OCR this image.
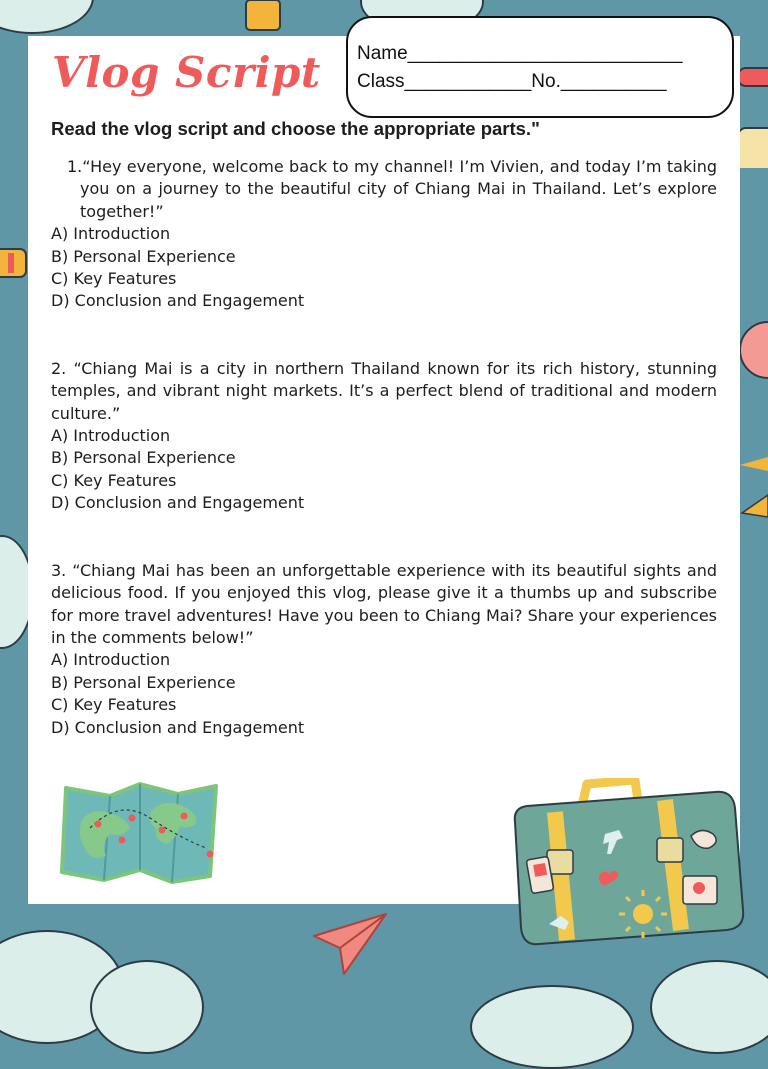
Vlog Script Name__________________________
Class____________No.__________

Read the vlog script and choose the appropriate parts."

1.“Hey everyone, welcome back to my channel! I’m Vivien, and today I’m taking you on a journey to the beautiful city of Chiang Mai in Thailand. Let’s explore together!”

A) Introduction

B) Personal Experience

C) Key Features

D) Conclusion and Engagement

2. “Chiang Mai is a city in northern Thailand known for its rich history, stunning temples, and vibrant night markets. It’s a perfect blend of traditional and modern culture.”

A) Introduction

B) Personal Experience

C) Key Features

D) Conclusion and Engagement

3. “Chiang Mai has been an unforgettable experience with its beautiful sights and delicious food. If you enjoyed this vlog, please give it a thumbs up and subscribe for more travel adventures! Have you been to Chiang Mai? Share your experiences in the comments below!”

A) Introduction

B) Personal Experience

C) Key Features

D) Conclusion and Engagement
